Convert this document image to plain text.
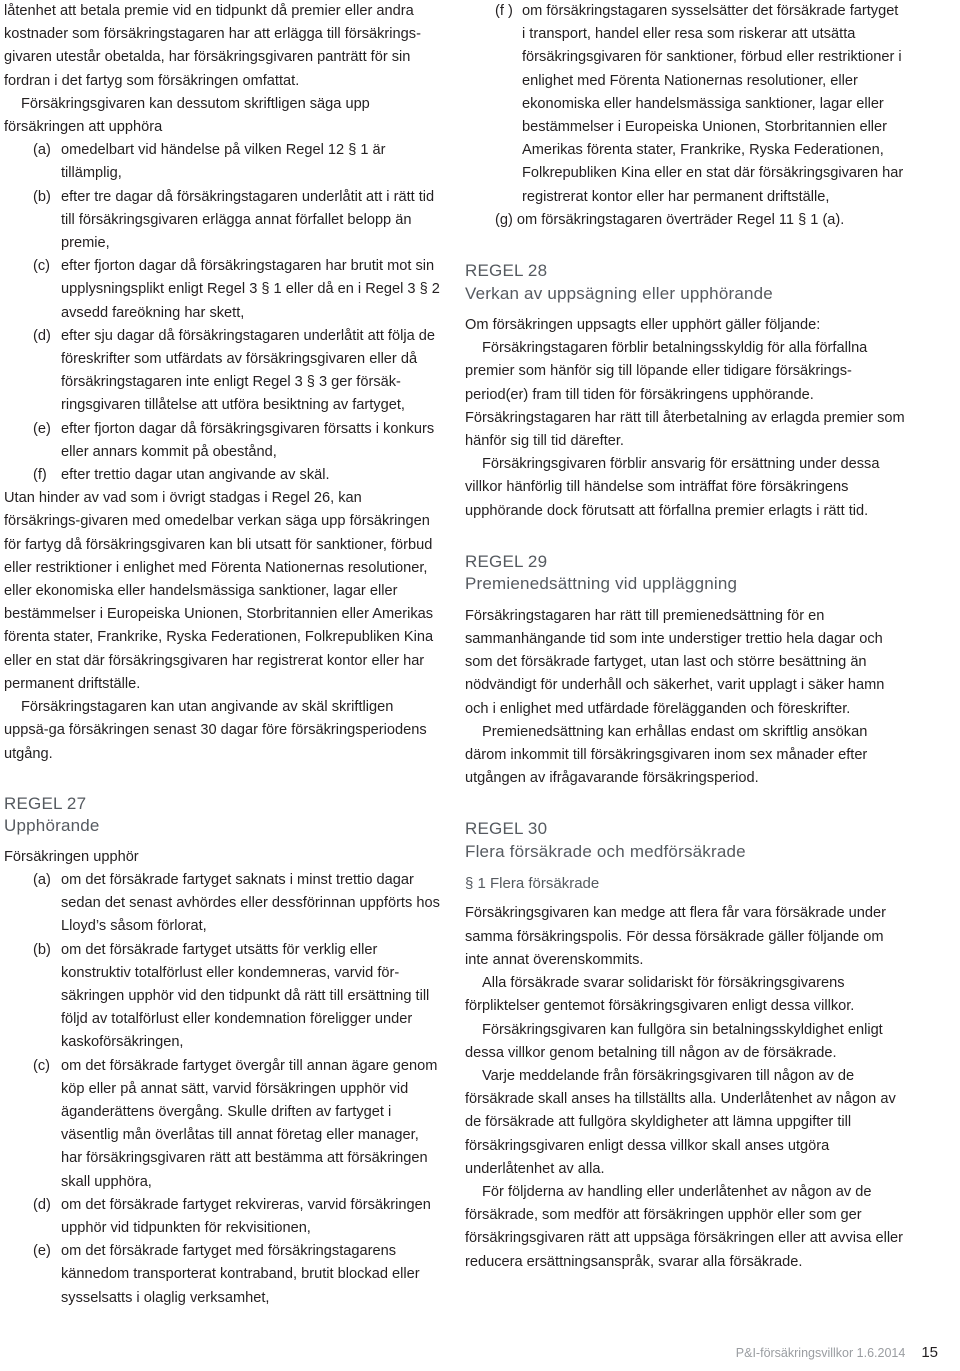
låtenhet att betala premie vid en tidpunkt då premier eller andra kostnader som försäkringstagaren har att erlägga till försäkrings-givaren utestår obetalda, har försäkringsgivaren panträtt för sin fordran i det fartyg som försäkringen omfattat.

Försäkringsgivaren kan dessutom skriftligen säga upp försäkringen att upphöra

(a) omedelbart vid händelse på vilken Regel 12 § 1 är tillämplig,

(b) efter tre dagar då försäkringstagaren underlåtit att i rätt tid till försäkringsgivaren erlägga annat förfallet belopp än premie,

(c) efter fjorton dagar då försäkringstagaren har brutit mot sin upplysningsplikt enligt Regel 3 § 1 eller då en i Regel 3 § 2 avsedd fareökning har skett,

(d) efter sju dagar då försäkringstagaren underlåtit att följa de föreskrifter som utfärdats av försäkringsgivaren eller då försäkringstagaren inte enligt Regel 3 § 3 ger försäk-ringsgivaren tillåtelse att utföra besiktning av fartyget,

(e) efter fjorton dagar då försäkringsgivaren försatts i konkurs eller annars kommit på obestånd,

(f) efter trettio dagar utan angivande av skäl.

Utan hinder av vad som i övrigt stadgas i Regel 26, kan försäkrings-givaren med omedelbar verkan säga upp försäkringen för fartyg då försäkringsgivaren kan bli utsatt för sanktioner, förbud eller restriktioner i enlighet med Förenta Nationernas resolutioner, eller ekonomiska eller handelsmässiga sanktioner, lagar eller bestämmelser i Europeiska Unionen, Storbritannien eller Amerikas förenta stater, Frankrike, Ryska Federationen, Folkrepubliken Kina eller en stat där försäkringsgivaren har registrerat kontor eller har permanent driftställe.

Försäkringstagaren kan utan angivande av skäl skriftligen uppsä-ga försäkringen senast 30 dagar före försäkringsperiodens utgång.

REGEL 27

Upphörande

Försäkringen upphör

(a) om det försäkrade fartyget saknats i minst trettio dagar sedan det senast avhördes eller dessförinnan uppförts hos Lloyd’s såsom förlorat,

(b) om det försäkrade fartyget utsätts för verklig eller konstruktiv totalförlust eller kondemneras, varvid för-säkringen upphör vid den tidpunkt då rätt till ersättning till följd av totalförlust eller kondemnation föreligger under kaskoförsäkringen,

(c) om det försäkrade fartyget övergår till annan ägare genom köp eller på annat sätt, varvid försäkringen upphör vid äganderättens övergång. Skulle driften av fartyget i väsentlig mån överlåtas till annat företag eller manager, har försäkringsgivaren rätt att bestämma att försäkringen skall upphöra,

(d) om det försäkrade fartyget rekvireras, varvid försäkringen upphör vid tidpunkten för rekvisitionen,

(e) om det försäkrade fartyget med försäkringstagarens kännedom transporterat kontraband, brutit blockad eller sysselsatts i olaglig verksamhet,

(f ) om försäkringstagaren sysselsätter det försäkrade fartyget i transport, handel eller resa som riskerar att utsätta försäkringsgivaren för sanktioner, förbud eller restriktioner i enlighet med Förenta Nationernas resolutioner, eller ekonomiska eller handelsmässiga sanktioner, lagar eller bestämmelser i Europeiska Unionen, Storbritannien eller Amerikas förenta stater, Frankrike, Ryska Federationen, Folkrepubliken Kina eller en stat där försäkringsgivaren har registrerat kontor eller har permanent driftställe,

(g) om försäkringstagaren överträder Regel 11 § 1 (a).

REGEL 28

Verkan av uppsägning eller upphörande

Om försäkringen uppsagts eller upphört gäller följande:

Försäkringstagaren förblir betalningsskyldig för alla förfallna premier som hänför sig till löpande eller tidigare försäkrings-period(er) fram till tiden för försäkringens upphörande.

Försäkringstagaren har rätt till återbetalning av erlagda premier som hänför sig till tid därefter.

Försäkringsgivaren förblir ansvarig för ersättning under dessa villkor hänförlig till händelse som inträffat före försäkringens upphörande dock förutsatt att förfallna premier erlagts i rätt tid.

REGEL 29

Premienedsättning vid uppläggning

Försäkringstagaren har rätt till premienedsättning för en sammanhängande tid som inte understiger trettio hela dagar och som det försäkrade fartyget, utan last och större besättning än nödvändigt för underhåll och säkerhet, varit upplagt i säker hamn och i enlighet med utfärdade förelägganden och föreskrifter.

Premienedsättning kan erhållas endast om skriftlig ansökan därom inkommit till försäkringsgivaren inom sex månader efter utgången av ifrågavarande försäkringsperiod.

REGEL 30

Flera försäkrade och medförsäkrade

§ 1 Flera försäkrade

Försäkringsgivaren kan medge att flera får vara försäkrade under samma försäkringspolis. För dessa försäkrade gäller följande om inte annat överenskommits.

Alla försäkrade svarar solidariskt för försäkringsgivarens förpliktelser gentemot försäkringsgivaren enligt dessa villkor.

Försäkringsgivaren kan fullgöra sin betalningsskyldighet enligt dessa villkor genom betalning till någon av de försäkrade.

Varje meddelande från försäkringsgivaren till någon av de försäkrade skall anses ha tillställts alla. Underlåtenhet av någon av de försäkrade att fullgöra skyldigheter att lämna uppgifter till försäkringsgivaren enligt dessa villkor skall anses utgöra underlåtenhet av alla.

För följderna av handling eller underlåtenhet av någon av de försäkrade, som medför att försäkringen upphör eller som ger försäkringsgivaren rätt att uppsäga försäkringen eller att avvisa eller reducera ersättningsanspråk, svarar alla försäkrade.

P&I-försäkringsvillkor 1.6.2014 15
